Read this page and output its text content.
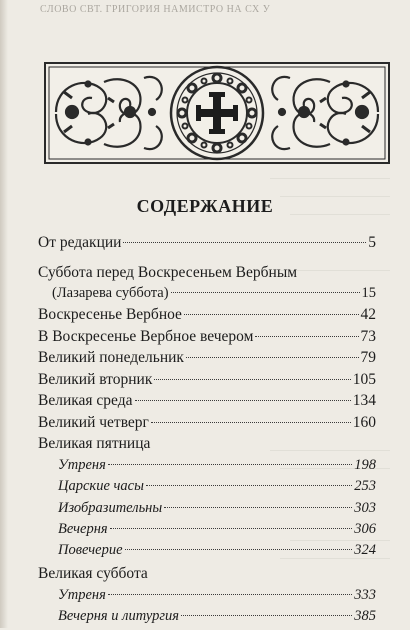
СЛОВО СВТ. ГРИГОРИЯ НАМИСТРО НА СХ У
СОДЕРЖАНИЕ
От редакции	5
Суббота перед Воскресеньем Вербным
(Лазарева суббота)	15
Воскресенье Вербное	42
В Воскресенье Вербное вечером	73
Великий понедельник	79
Великий вторник	105
Великая среда	134
Великий четверг	160
Великая пятница
Утреня	198
Царские часы	253
Изобразительны	303
Вечерня	306
Повечерие	324
Великая суббота
Утреня	333
Вечерня и литургия	385
